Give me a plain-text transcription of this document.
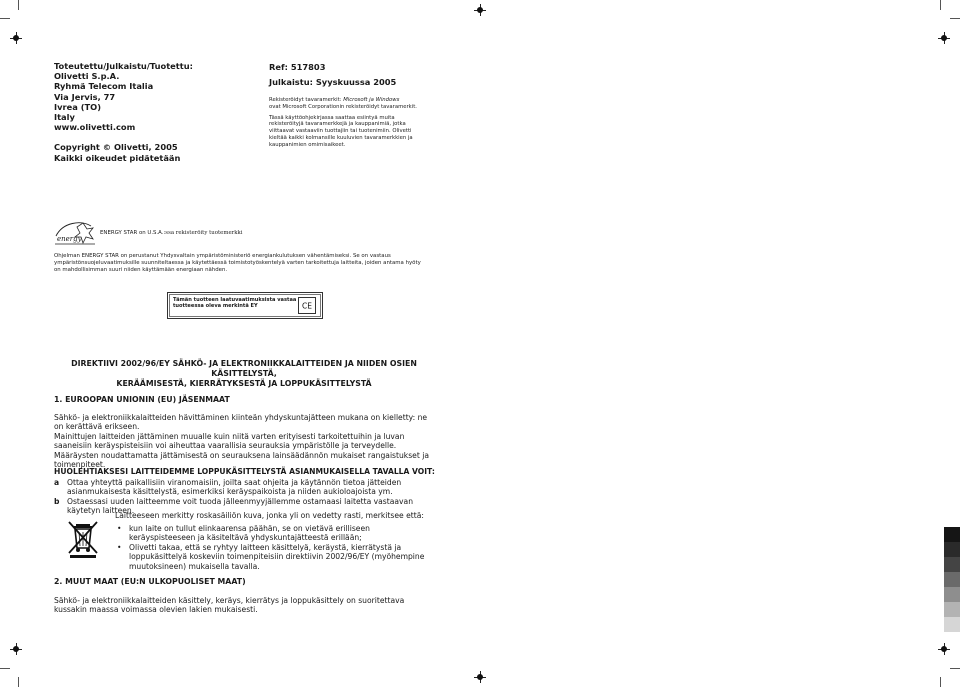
Toteutettu/Julkaistu/Tuotettu:
Olivetti S.p.A.
Ryhmä Telecom Italia
Via Jervis, 77
Ivrea (TO)
Italy
www.olivetti.com
Copyright © Olivetti, 2005
Kaikki oikeudet pidätetään
Ref: 517803
Julkaistu: Syyskuussa 2005

Rekisteröidyt tavaramerkit: Microsoft ja Windows
ovat Microsoft Corporationin rekisteröidyt tavaramerkit.

Tässä käyttöohjekirjassa saattaa esiintyä muita rekisteröityjä tavaramerkkejä ja kauppanimiä, jotka viittaavat vastaaviin tuottajiin tai tuotenimiin. Olivetti kieltää kaikki kolmansille kuuluvien tavaramerkkien ja kauppanimien omimisaikeet.

energy
ENERGY STAR on U.S.A.:ssa rekisteröity tuotemerkki
Ohjelman ENERGY STAR on perustanut Yhdysvaltain ympäristöministeriö energiankulutuksen vähentämiseksi. Se on vastaus ympäristönsuojeluvaatimuksille suunniteltaessa ja käytettäessä toimistotyöskentelyä varten tarkoitettuja laitteita, joiden antama hyöty on mahdollisimman suuri niiden käyttämään energiaan nähden.
Tämän tuotteen laatuvaatimuksista vastaa tuotteessa oleva merkintä EY	CE
DIREKTIIVI 2002/96/EY SÄHKÖ- JA ELEKTRONIIKKALAITTEIDEN JA NIIDEN OSIEN KÄSITTELYSTÄ,
KERÄÄMISESTÄ, KIERRÄTYKSESTÄ JA LOPPUKÄSITTELYSTÄ
1. EUROOPAN UNIONIN (EU) JÄSENMAAT

Sähkö- ja elektroniikkalaitteiden hävittäminen kiinteän yhdyskuntajätteen mukana on kielletty: ne on kerättävä erikseen.

Mainittujen laitteiden jättäminen muualle kuin niitä varten erityisesti tarkoitettuihin ja luvan saaneisiin keräyspisteisiin voi aiheuttaa vaarallisia seurauksia ympäristölle ja terveydelle.

Määräysten noudattamatta jättämisestä on seurauksena lainsäädännön mukaiset rangaistukset ja toimenpiteet.

HUOLEHTIAKSESI LAITTEIDEMME LOPPUKÄSITTELYSTÄ ASIANMUKAISELLA TAVALLA VOIT:
a Ottaa yhteyttä paikallisiin viranomaisiin, joilta saat ohjeita ja käytännön tietoa jätteiden asianmukaisesta käsittelystä, esimerkiksi keräyspaikoista ja niiden aukioloajoista ym.
b Ostaessasi uuden laitteemme voit tuoda jälleenmyyjällemme ostamaasi laitetta vastaavan käytetyn laitteen.
Laitteeseen merkitty roskasäiliön kuva, jonka yli on vedetty rasti, merkitsee että:
• kun laite on tullut elinkaarensa päähän, se on vietävä erilliseen keräyspisteeseen ja käsiteltävä yhdyskuntajätteestä erillään;
• Olivetti takaa, että se ryhtyy laitteen käsittelyä, keräystä, kierrätystä ja loppukäsittelyä koskeviin toimenpiteisiin direktiivin 2002/96/EY (myöhempine muutoksineen) mukaisella tavalla.
2. MUUT MAAT (EU:N ULKOPUOLISET MAAT)

Sähkö- ja elektroniikkalaitteiden käsittely, keräys, kierrätys ja loppukäsittely on suoritettava kussakin maassa voimassa olevien lakien mukaisesti.
